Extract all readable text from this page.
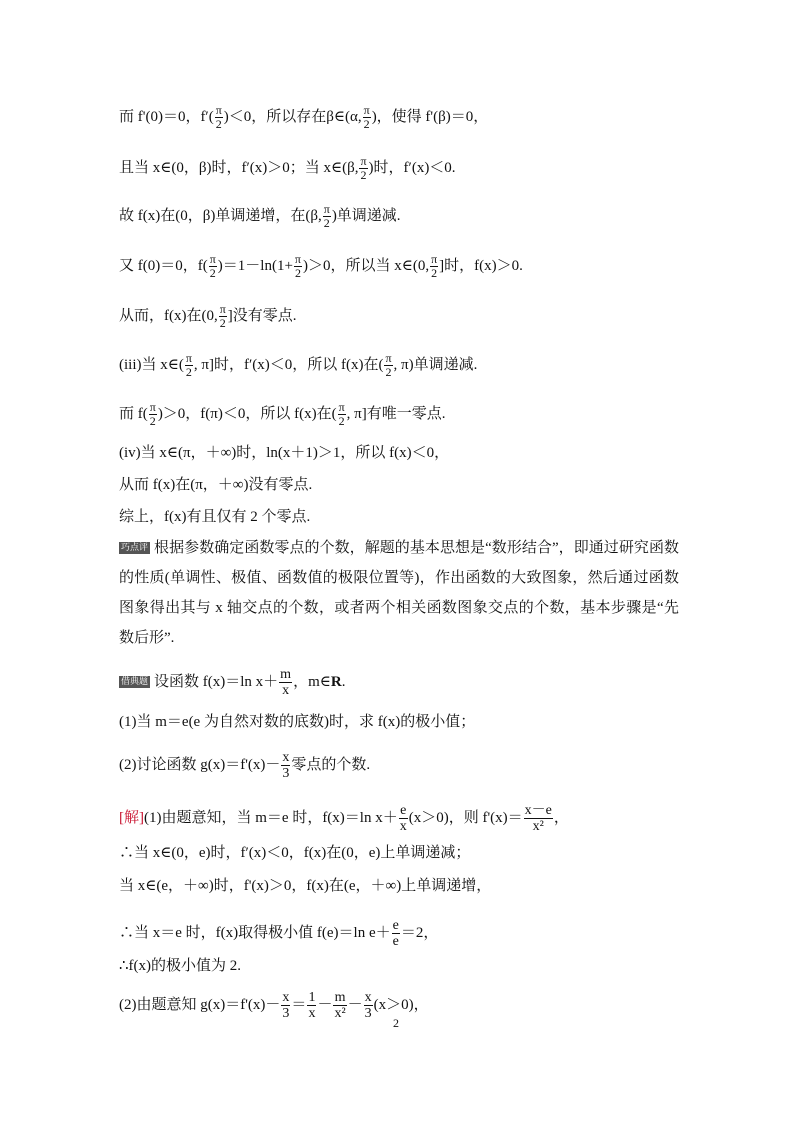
而 f'(0)＝0，$f'( \frac{\pi}{2} )<0$，所以存在β∈(α, $\frac{\pi}{2}$ )，使得 f'(β)＝0，
且当 x∈(0，β)时，f′(x)＞0；当 x∈(β, $\frac{\pi}{2}$ )时，f′(x)＜0.
故 f(x)在(0，β)单调递增，在(β, $\frac{\pi}{2}$ )单调递减.
又 f(0)＝0，$f( \frac{\pi}{2} )=1-\ln(1+ \frac{\pi}{2} )>0$，所以当 x∈(0, $\frac{\pi}{2}$ ]时，f(x)＞0.
从而，f(x)在(0, $\frac{\pi}{2}$ ]没有零点.
(iii)当 x∈( $\frac{\pi}{2}$ , π]时，f′(x)＜0，所以 f(x)在( $\frac{\pi}{2}$ , π)单调递减.
而 $f( \frac{\pi}{2} )>0$，f(π)＜0，所以 f(x)在( $\frac{\pi}{2}$ , π]有唯一零点.
(iv)当 x∈(π，＋∞)时，ln(x＋1)＞1，所以 f(x)＜0，
从而 f(x)在(π，＋∞)没有零点.
综上，f(x)有且仅有 2 个零点.
巧点评 根据参数确定函数零点的个数，解题的基本思想是“数形结合”，即通过研究函数的性质(单调性、极值、函数值的极限位置等)，作出函数的大致图象，然后通过函数图象得出其与 x 轴交点的个数，或者两个相关函数图象交点的个数，基本步骤是“先数后形”.
借典题 设函数 f(x)＝ln $x+ \frac{m}{x}$ ，m∈R.
(1)当 m＝e(e 为自然对数的底数)时，求 f(x)的极小值；
(2)讨论函数 $g(x)=f'(x)- \frac{x}{3}$ 零点的个数.
[解](1)由题意知，当 m＝e 时，f(x)＝ln $x+ \frac{e}{x} (x>0)$，则 $f'(x)= \frac{x-e}{\text{x²}}$ ，
∴当 x∈(0，e)时，f′(x)＜0，f(x)在(0，e)上单调递减；
当 x∈(e，＋∞)时，f'(x)＞0，f(x)在(e，＋∞)上单调递增，
∴当 x＝e 时，f(x)取得极小值 f(e)＝ln $e+ \frac{e}{e} =2$，
∴f(x)的极小值为 2.
(2)由题意知 $g(x)=f'(x)- \frac{x}{3} = \frac{1}{x} - \frac{m}{\text{x²}} - \frac{x}{3} (x>0)$，
2
